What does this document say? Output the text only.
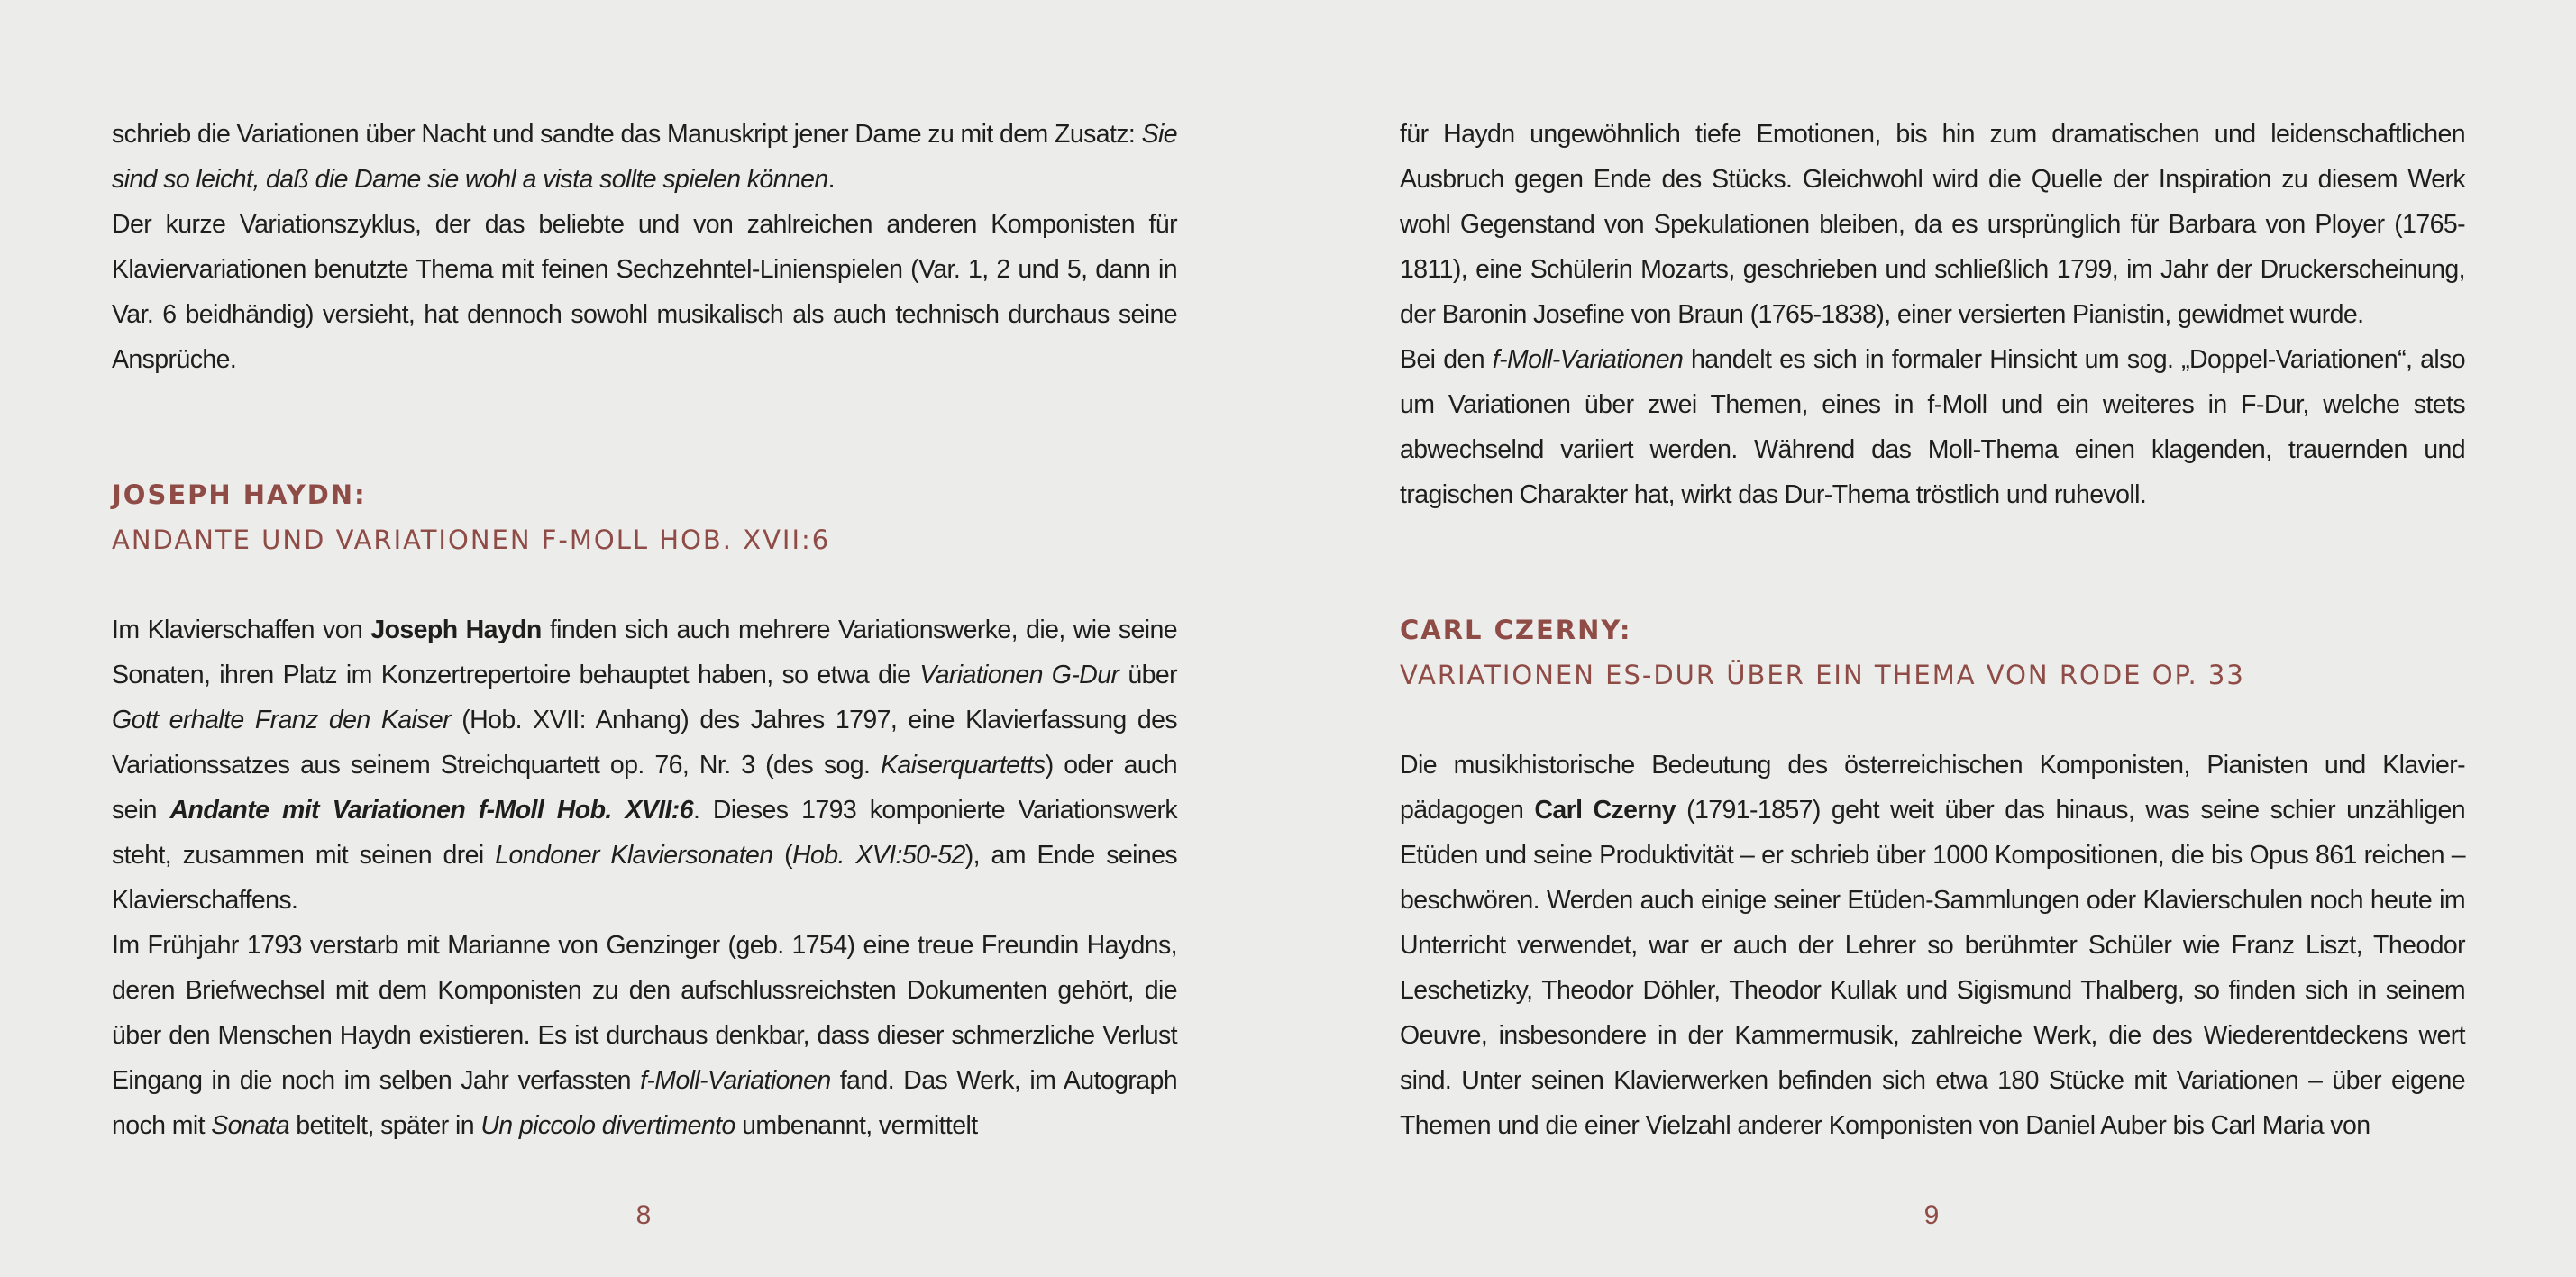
schrieb die Variationen über Nacht und sandte das Manuskript jener Dame zu mit dem Zusatz: Sie sind so leicht, daß die Dame sie wohl a vista sollte spielen können.

Der kurze Variationszyklus, der das beliebte und von zahlreichen anderen Komponisten für Klaviervariationen benutzte Thema mit feinen Sechzehntel-Linienspielen (Var. 1, 2 und 5, dann in Var. 6 beidhändig) versieht, hat dennoch sowohl musikalisch als auch technisch durchaus seine Ansprüche.

JOSEPH HAYDN:
ANDANTE UND VARIATIONEN F-MOLL HOB. XVII:6

Im Klavierschaffen von Joseph Haydn finden sich auch mehrere Variationswerke, die, wie seine Sonaten, ihren Platz im Konzertrepertoire behauptet haben, so etwa die Variationen G-Dur über Gott erhalte Franz den Kaiser (Hob. XVII: Anhang) des Jahres 1797, eine Klavierfassung des Variationssatzes aus seinem Streichquartett op. 76, Nr. 3 (des sog. Kaiserquartetts) oder auch sein Andante mit Variationen f-Moll Hob. XVII:6. Dieses 1793 komponierte Variationswerk steht, zusammen mit seinen drei Londoner Klaviersonaten (Hob. XVI:50-52), am Ende seines Klavierschaffens.

Im Frühjahr 1793 verstarb mit Marianne von Genzinger (geb. 1754) eine treue Freundin Haydns, deren Briefwechsel mit dem Komponisten zu den aufschlussreichsten Dokumenten gehört, die über den Menschen Haydn existieren. Es ist durchaus denkbar, dass dieser schmerzliche Verlust Eingang in die noch im selben Jahr verfassten f-Moll-Variationen fand. Das Werk, im Autograph noch mit Sonata betitelt, später in Un piccolo divertimento umbenannt, vermittelt

8

für Haydn ungewöhnlich tiefe Emotionen, bis hin zum dramatischen und leidenschaftlichen Ausbruch gegen Ende des Stücks. Gleichwohl wird die Quelle der Inspiration zu diesem Werk wohl Gegenstand von Spekulationen bleiben, da es ursprünglich für Barbara von Ployer (1765-1811), eine Schülerin Mozarts, geschrieben und schließlich 1799, im Jahr der Druckerscheinung, der Baronin Josefine von Braun (1765-1838), einer versierten Pianistin, gewidmet wurde.

Bei den f-Moll-Variationen handelt es sich in formaler Hinsicht um sog. „Doppel-Variationen“, also um Variationen über zwei Themen, eines in f-Moll und ein weiteres in F-Dur, welche stets abwechselnd variiert werden. Während das Moll-Thema einen klagenden, trauernden und tragischen Charakter hat, wirkt das Dur-Thema tröstlich und ruhevoll.

CARL CZERNY:
VARIATIONEN ES-DUR ÜBER EIN THEMA VON RODE OP. 33

Die musikhistorische Bedeutung des österreichischen Komponisten, Pianisten und Klavier-pädagogen Carl Czerny (1791-1857) geht weit über das hinaus, was seine schier unzähligen Etüden und seine Produktivität – er schrieb über 1000 Kompositionen, die bis Opus 861 reichen – beschwören. Werden auch einige seiner Etüden-Sammlungen oder Klavierschulen noch heute im Unterricht verwendet, war er auch der Lehrer so berühmter Schüler wie Franz Liszt, Theodor Leschetizky, Theodor Döhler, Theodor Kullak und Sigismund Thalberg, so finden sich in seinem Oeuvre, insbesondere in der Kammermusik, zahlreiche Werk, die des Wiederentdeckens wert sind. Unter seinen Klavierwerken befinden sich etwa 180 Stücke mit Variationen – über eigene Themen und die einer Vielzahl anderer Komponisten von Daniel Auber bis Carl Maria von

9
